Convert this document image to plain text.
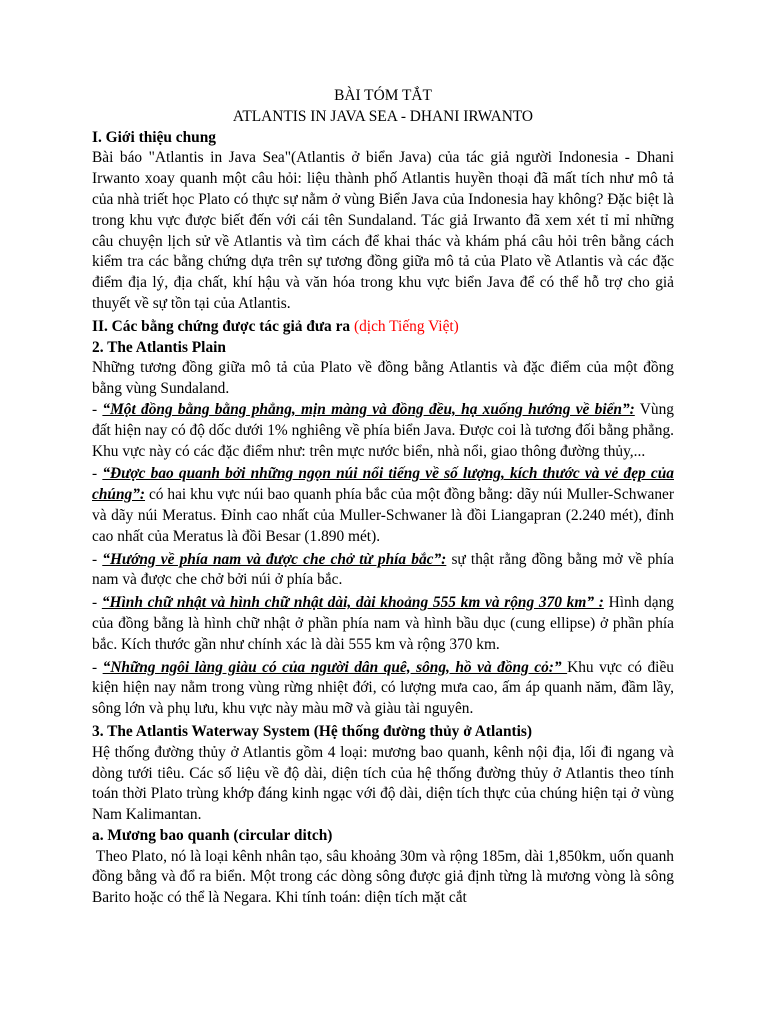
BÀI TÓM TẮT

ATLANTIS IN JAVA SEA - DHANI IRWANTO

I. Giới thiệu chung

Bài báo "Atlantis in Java Sea"(Atlantis ở biển Java) của tác giả người Indonesia - Dhani Irwanto xoay quanh một câu hỏi: liệu thành phố Atlantis huyền thoại đã mất tích như mô tả của nhà triết học Plato có thực sự nằm ở vùng Biển Java của Indonesia hay không? Đặc biệt là trong khu vực được biết đến với cái tên Sundaland. Tác giả Irwanto đã xem xét tỉ mỉ những câu chuyện lịch sử về Atlantis và tìm cách để khai thác và khám phá câu hỏi trên bằng cách kiểm tra các bằng chứng dựa trên sự tương đồng giữa mô tả của Plato về Atlantis và các đặc điểm địa lý, địa chất, khí hậu và văn hóa trong khu vực biển Java để có thể hỗ trợ cho giả thuyết về sự tồn tại của Atlantis.

II. Các bằng chứng được tác giả đưa ra (dịch Tiếng Việt)

2. The Atlantis Plain

Những tương đồng giữa mô tả của Plato về đồng bằng Atlantis và đặc điểm của một đồng bằng vùng Sundaland.

- “Một đồng bằng bằng phẳng, mịn màng và đồng đều, hạ xuống hướng về biển”: Vùng đất hiện nay có độ dốc dưới 1% nghiêng về phía biển Java. Được coi là tương đối bằng phẳng. Khu vực này có các đặc điểm như: trên mực nước biển, nhà nổi, giao thông đường thủy,...

- “Được bao quanh bởi những ngọn núi nổi tiếng về số lượng, kích thước và vẻ đẹp của chúng”: có hai khu vực núi bao quanh phía bắc của một đồng bằng: dãy núi Muller-Schwaner và dãy núi Meratus. Đỉnh cao nhất của Muller-Schwaner là đồi Liangapran (2.240 mét), đỉnh cao nhất của Meratus là đồi Besar (1.890 mét).

- “Hướng về phía nam và được che chở từ phía bắc”: sự thật rằng đồng bằng mở về phía nam và được che chở bởi núi ở phía bắc.

- “Hình chữ nhật và hình chữ nhật dài, dài khoảng 555 km và rộng 370 km” : Hình dạng của đồng bằng là hình chữ nhật ở phần phía nam và hình bầu dục (cung ellipse) ở phần phía bắc. Kích thước gần như chính xác là dài 555 km và rộng 370 km.

- “Những ngôi làng giàu có của người dân quê, sông, hồ và đồng cỏ:” Khu vực có điều kiện hiện nay nằm trong vùng rừng nhiệt đới, có lượng mưa cao, ấm áp quanh năm, đầm lầy, sông lớn và phụ lưu, khu vực này màu mỡ và giàu tài nguyên.

3. The Atlantis Waterway System (Hệ thống đường thủy ở Atlantis)

Hệ thống đường thủy ở Atlantis gồm 4 loại: mương bao quanh, kênh nội địa, lối đi ngang và dòng tưới tiêu. Các số liệu về độ dài, diện tích của hệ thống đường thủy ở Atlantis theo tính toán thời Plato trùng khớp đáng kinh ngạc với độ dài, diện tích thực của chúng hiện tại ở vùng Nam Kalimantan.

a. Mương bao quanh (circular ditch)

Theo Plato, nó là loại kênh nhân tạo, sâu khoảng 30m và rộng 185m, dài 1,850km, uốn quanh đồng bằng và đổ ra biển. Một trong các dòng sông được giả định từng là mương vòng là sông Barito hoặc có thể là Negara. Khi tính toán: diện tích mặt cắt
